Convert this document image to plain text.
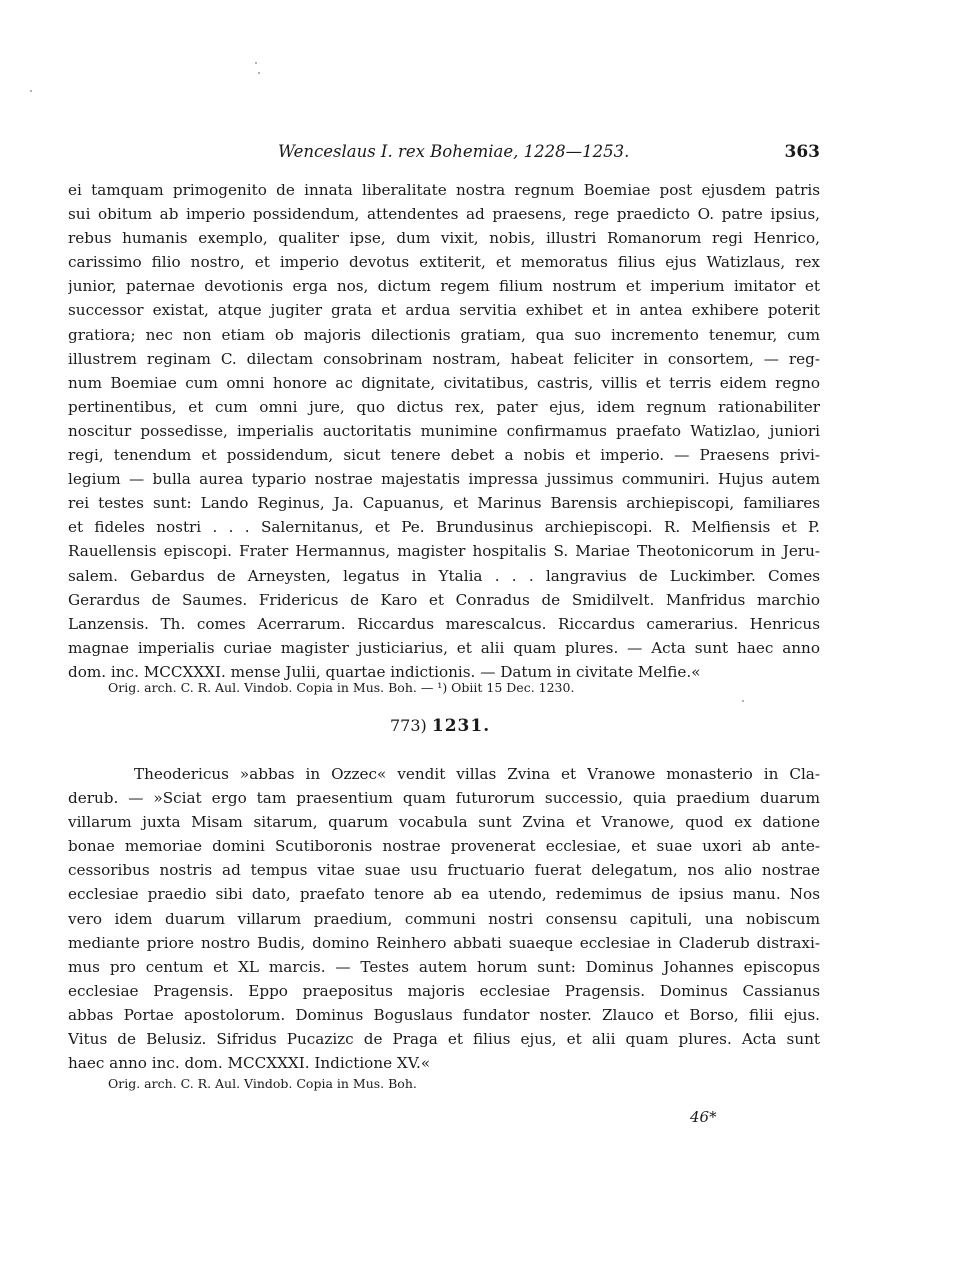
Wenceslaus I. rex Bohemiae, 1228—1253.	363
ei tamquam primogenito de innata liberalitate nostra regnum Boemiae post ejusdem patris
sui obitum ab imperio possidendum, attendentes ad praesens, rege praedicto O. patre ipsius,
rebus humanis exemplo, qualiter ipse, dum vixit, nobis, illustri Romanorum regi Henrico,
carissimo filio nostro, et imperio devotus extiterit, et memoratus filius ejus Watizlaus, rex
junior, paternae devotionis erga nos, dictum regem filium nostrum et imperium imitator et
successor existat, atque jugiter grata et ardua servitia exhibet et in antea exhibere poterit
gratiora; nec non etiam ob majoris dilectionis gratiam, qua suo incremento tenemur, cum
illustrem reginam C. dilectam consobrinam nostram, habeat feliciter in consortem, — reg-
num Boemiae cum omni honore ac dignitate, civitatibus, castris, villis et terris eidem regno
pertinentibus, et cum omni jure, quo dictus rex, pater ejus, idem regnum rationabiliter
noscitur possedisse, imperialis auctoritatis munimine confirmamus praefato Watizlao, juniori
regi, tenendum et possidendum, sicut tenere debet a nobis et imperio. — Praesens privi-
legium — bulla aurea typario nostrae majestatis impressa jussimus communiri. Hujus autem
rei testes sunt: Lando Reginus, Ja. Capuanus, et Marinus Barensis archiepiscopi, familiares
et fideles nostri . . . Salernitanus, et Pe. Brundusinus archiepiscopi. R. Melfiensis et P.
Rauellensis episcopi. Frater Hermannus, magister hospitalis S. Mariae Theotonicorum in Jeru-
salem. Gebardus de Arneysten, legatus in Ytalia . . . langravius de Luckimber. Comes
Gerardus de Saumes. Fridericus de Karo et Conradus de Smidilvelt. Manfridus marchio
Lanzensis. Th. comes Acerrarum. Riccardus marescalcus. Riccardus camerarius. Henricus
magnae imperialis curiae magister justiciarius, et alii quam plures. — Acta sunt haec anno
dom. inc. MCCXXXI. mense Julii, quartae indictionis. — Datum in civitate Melfie.«
Orig. arch. C. R. Aul. Vindob. Copia in Mus. Boh. — ¹) Obiit 15 Dec. 1230.
773) 1231.
Theodericus »abbas in Ozzec« vendit villas Zvina et Vranowe monasterio in Cla-
derub. — »Sciat ergo tam praesentium quam futurorum successio, quia praedium duarum
villarum juxta Misam sitarum, quarum vocabula sunt Zvina et Vranowe, quod ex datione
bonae memoriae domini Scutiboronis nostrae provenerat ecclesiae, et suae uxori ab ante-
cessoribus nostris ad tempus vitae suae usu fructuario fuerat delegatum, nos alio nostrae
ecclesiae praedio sibi dato, praefato tenore ab ea utendo, redemimus de ipsius manu. Nos
vero idem duarum villarum praedium, communi nostri consensu capituli, una nobiscum
mediante priore nostro Budis, domino Reinhero abbati suaeque ecclesiae in Claderub distraxi-
mus pro centum et XL marcis. — Testes autem horum sunt: Dominus Johannes episcopus
ecclesiae Pragensis. Eppo praepositus majoris ecclesiae Pragensis. Dominus Cassianus
abbas Portae apostolorum. Dominus Boguslaus fundator noster. Zlauco et Borso, filii ejus.
Vitus de Belusiz. Sifridus Pucazizc de Praga et filius ejus, et alii quam plures. Acta sunt
haec anno inc. dom. MCCXXXI. Indictione XV.«
Orig. arch. C. R. Aul. Vindob. Copia in Mus. Boh.
46*
